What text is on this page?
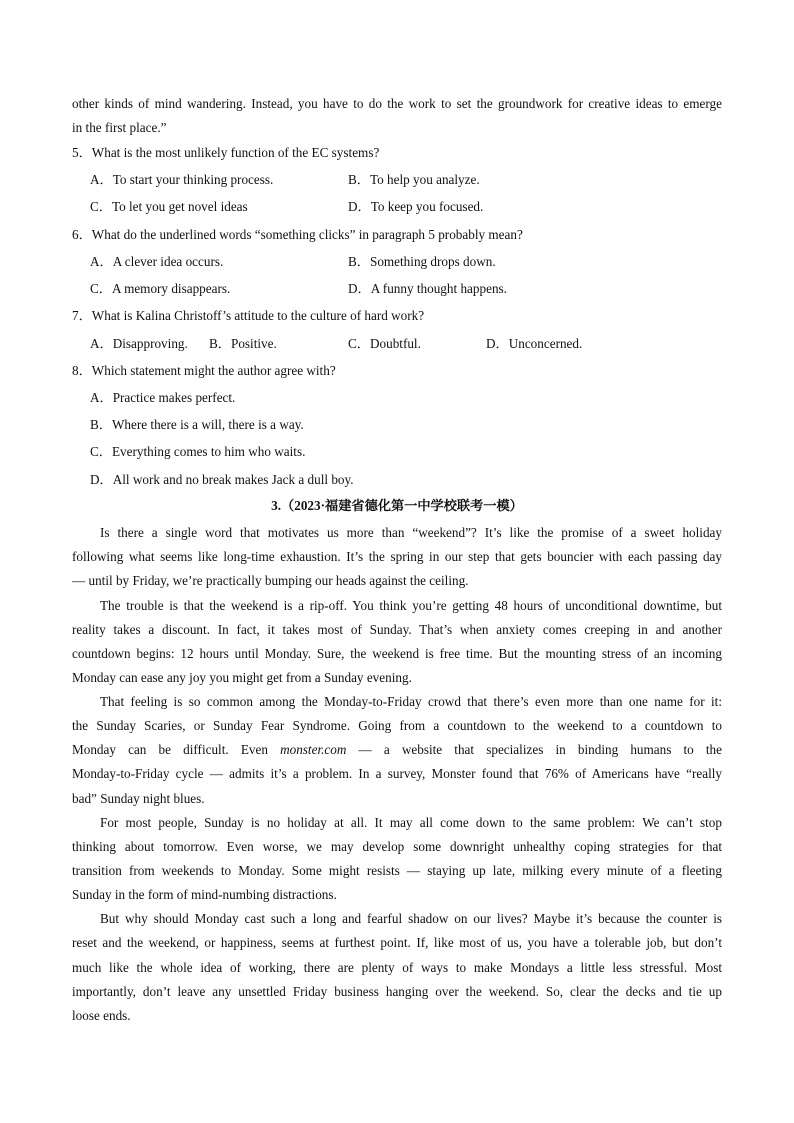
other kinds of mind wandering. Instead, you have to do the work to set the groundwork for creative ideas to emerge
in the first place.”
5．What is the most unlikely function of the EC systems?
A．To start your thinking process.	B．To help you analyze.
C．To let you get novel ideas	D．To keep you focused.
6．What do the underlined words “something clicks” in paragraph 5 probably mean?
A．A clever idea occurs.	B．Something drops down.
C．A memory disappears.	D．A funny thought happens.
7．What is Kalina Christoff’s attitude to the culture of hard work?
A．Disapproving. B．Positive.	C．Doubtful.	D．Unconcerned.
8．Which statement might the author agree with?
A．Practice makes perfect.
B．Where there is a will, there is a way.
C．Everything comes to him who waits.
D．All work and no break makes Jack a dull boy.
3.（2023·福建省德化第一中学校联考一模）
Is there a single word that motivates us more than “weekend”? It’s like the promise of a sweet holiday
following what seems like long-time exhaustion. It’s the spring in our step that gets bouncier with each passing day
— until by Friday, we’re practically bumping our heads against the ceiling.
The trouble is that the weekend is a rip-off. You think you’re getting 48 hours of unconditional downtime, but
reality takes a discount. In fact, it takes most of Sunday. That’s when anxiety comes creeping in and another
countdown begins: 12 hours until Monday. Sure, the weekend is free time. But the mounting stress of an incoming
Monday can ease any joy you might get from a Sunday evening.
That feeling is so common among the Monday-to-Friday crowd that there’s even more than one name for it:
the Sunday Scaries, or Sunday Fear Syndrome. Going from a countdown to the weekend to a countdown to
Monday can be difficult. Even monster.com — a website that specializes in binding humans to the
Monday-to-Friday cycle — admits it’s a problem. In a survey, Monster found that 76% of Americans have “really
bad” Sunday night blues.
For most people, Sunday is no holiday at all. It may all come down to the same problem: We can’t stop
thinking about tomorrow. Even worse, we may develop some downright unhealthy coping strategies for that
transition from weekends to Monday. Some might resists — staying up late, milking every minute of a fleeting
Sunday in the form of mind-numbing distractions.
But why should Monday cast such a long and fearful shadow on our lives? Maybe it’s because the counter is
reset and the weekend, or happiness, seems at furthest point. If, like most of us, you have a tolerable job, but don’t
much like the whole idea of working, there are plenty of ways to make Mondays a little less stressful. Most
importantly, don’t leave any unsettled Friday business hanging over the weekend. So, clear the decks and tie up
loose ends.
